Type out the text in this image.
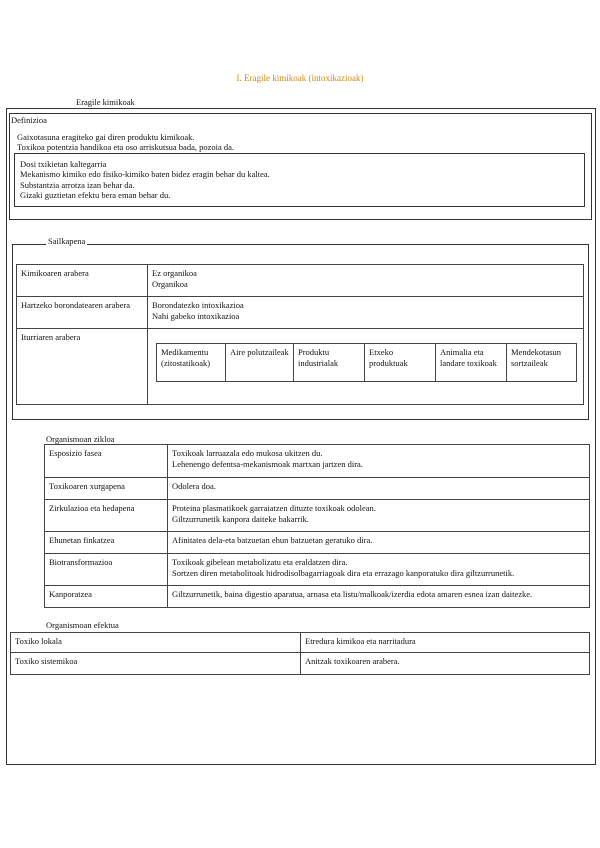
I. Eragile kimikoak (intoxikazioak)
Eragile kimikoak
Definizioa
Gaixotasuna eragiteko gai diren produktu kimikoak.
Toxikoa potentzia handikoa eta oso arriskutsua bada, pozoia da.
Dosi txikietan kaltegarria
Mekanismo kimiko edo fisiko-kimiko baten bidez eragin behar du kaltea.
Substantzia arrotza izan behar da.
Gizaki guztietan efektu bera eman behar du.
Sailkapena
Kimikoaren arabera	Ez organikoa
Organikoa

Hartzeko borondatearen arabera	Borondatezko intoxikazioa
Nahi gabeko intoxikazioa

Iturriaren arabera	
Medikamentu (zitostatikoak)	Aire polutzaileak	Produktu industrialak	Etxeko produktuak	Animalia eta landare toxikoak	Mendekotasun sortzaileak
Organismoan zikloa
Esposizio fasea	Toxikoak larruazala edo mukosa ukitzen du.
Lehenengo defentsa-mekanismoak martxan jartzen dira.

Toxikoaren xurgapena	Odolera doa.

Zirkulazioa eta hedapena	Proteina plasmatikoek garraiatzen dituzte toxikoak odolean.
Giltzurrunetik kanpora daiteke bakarrik.

Ehunetan finkatzea	Afinitatea dela-eta batzuetan ehun batzuetan geratuko dira.

Biotransformazioa	Toxikoak gibelean metabolizatu eta eraldatzen dira.
Sortzen diren metabolitoak hidrodisolbagarriagoak dira eta errazago kanporatuko dira giltzurrunetik.

Kanporatzea	Giltzurrunetik, baina digestio aparatua, arnasa eta listu/malkoak/izerdia edota amaren esnea izan daitezke.
Organismoan efektua
Toxiko lokala	Etredura kimikoa eta narritadura
Toxiko sistemikoa	Anitzak toxikoaren arabera.
